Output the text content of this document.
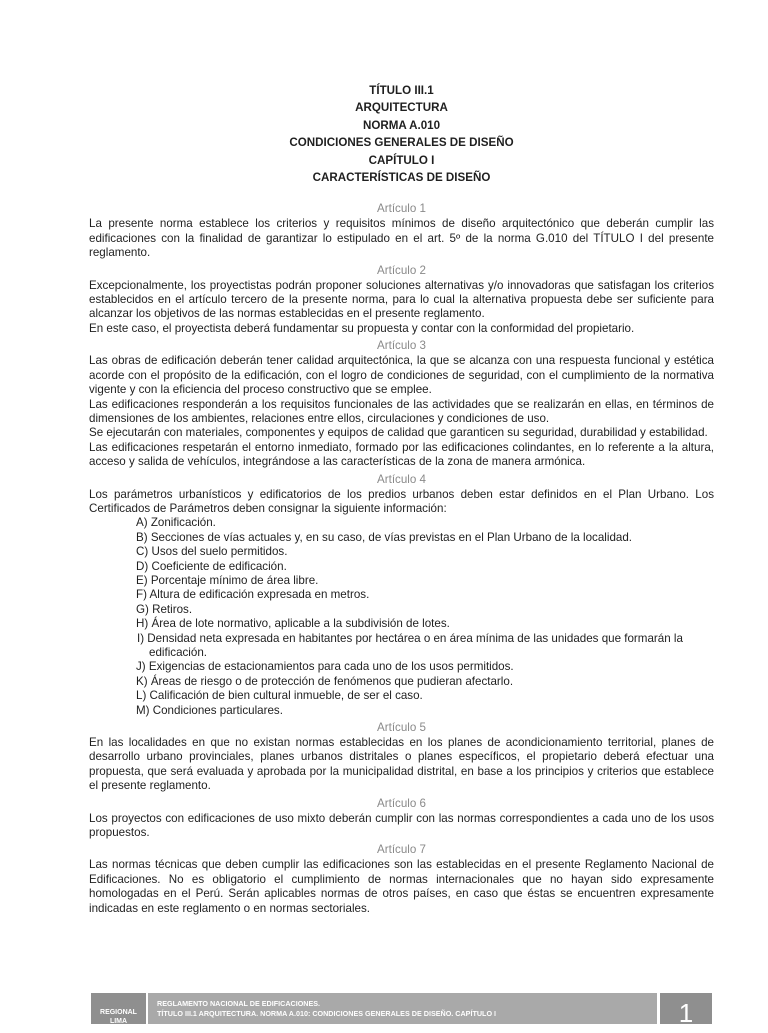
TÍTULO III.1
ARQUITECTURA
NORMA A.010
CONDICIONES GENERALES DE DISEÑO
CAPÍTULO I
CARACTERÍSTICAS DE DISEÑO
Artículo 1

La presente norma establece los criterios y requisitos mínimos de diseño arquitectónico que deberán cumplir las edificaciones con la finalidad de garantizar lo estipulado en el art. 5º de la norma G.010 del TÍTULO I del presente reglamento.

Artículo 2

Excepcionalmente, los proyectistas podrán proponer soluciones alternativas y/o innovadoras que satisfagan los criterios establecidos en el artículo tercero de la presente norma, para lo cual la alternativa propuesta debe ser suficiente para alcanzar los objetivos de las normas establecidas en el presente reglamento.

En este caso, el proyectista deberá fundamentar su propuesta y contar con la conformidad del propietario.

Artículo 3

Las obras de edificación deberán tener calidad arquitectónica, la que se alcanza con una respuesta funcional y estética acorde con el propósito de la edificación, con el logro de condiciones de seguridad, con el cumplimiento de la normativa vigente y con la eficiencia del proceso constructivo que se emplee.

Las edificaciones responderán a los requisitos funcionales de las actividades que se realizarán en ellas, en términos de dimensiones de los ambientes, relaciones entre ellos, circulaciones y condiciones de uso.

Se ejecutarán con materiales, componentes y equipos de calidad que garanticen su seguridad, durabilidad y estabilidad.

Las edificaciones respetarán el entorno inmediato, formado por las edificaciones colindantes, en lo referente a la altura, acceso y salida de vehículos, integrándose a las características de la zona de manera armónica.

Artículo 4

Los parámetros urbanísticos y edificatorios de los predios urbanos deben estar definidos en el Plan Urbano. Los Certificados de Parámetros deben consignar la siguiente información:

A) Zonificación.
B) Secciones de vías actuales y, en su caso, de vías previstas en el Plan Urbano de la localidad.
C) Usos del suelo permitidos.
D) Coeficiente de edificación.
E) Porcentaje mínimo de área libre.
F) Altura de edificación expresada en metros.
G) Retiros.
H) Área de lote normativo, aplicable a la subdivisión de lotes.
I) Densidad neta expresada en habitantes por hectárea o en área mínima de las unidades que formarán la edificación.
J) Exigencias de estacionamientos para cada uno de los usos permitidos.
K) Áreas de riesgo o de protección de fenómenos que pudieran afectarlo.
L) Calificación de bien cultural inmueble, de ser el caso.
M) Condiciones particulares.
Artículo 5

En las localidades en que no existan normas establecidas en los planes de acondicionamiento territorial, planes de desarrollo urbano provinciales, planes urbanos distritales o planes específicos, el propietario deberá efectuar una propuesta, que será evaluada y aprobada por la municipalidad distrital, en base a los principios y criterios que establece el presente reglamento.

Artículo 6

Los proyectos con edificaciones de uso mixto deberán cumplir con las normas correspondientes a cada uno de los usos propuestos.

Artículo 7

Las normas técnicas que deben cumplir las edificaciones son las establecidas en el presente Reglamento Nacional de Edificaciones. No es obligatorio el cumplimiento de normas internacionales que no hayan sido expresamente homologadas en el Perú. Serán aplicables normas de otros países, en caso que éstas se encuentren expresamente indicadas en este reglamento o en normas sectoriales.

REGIONAL
LIMA
REGLAMENTO NACIONAL DE EDIFICACIONES.
TÍTULO III.1 ARQUITECTURA. NORMA A.010: CONDICIONES GENERALES DE DISEÑO. CAPÍTULO I	1
